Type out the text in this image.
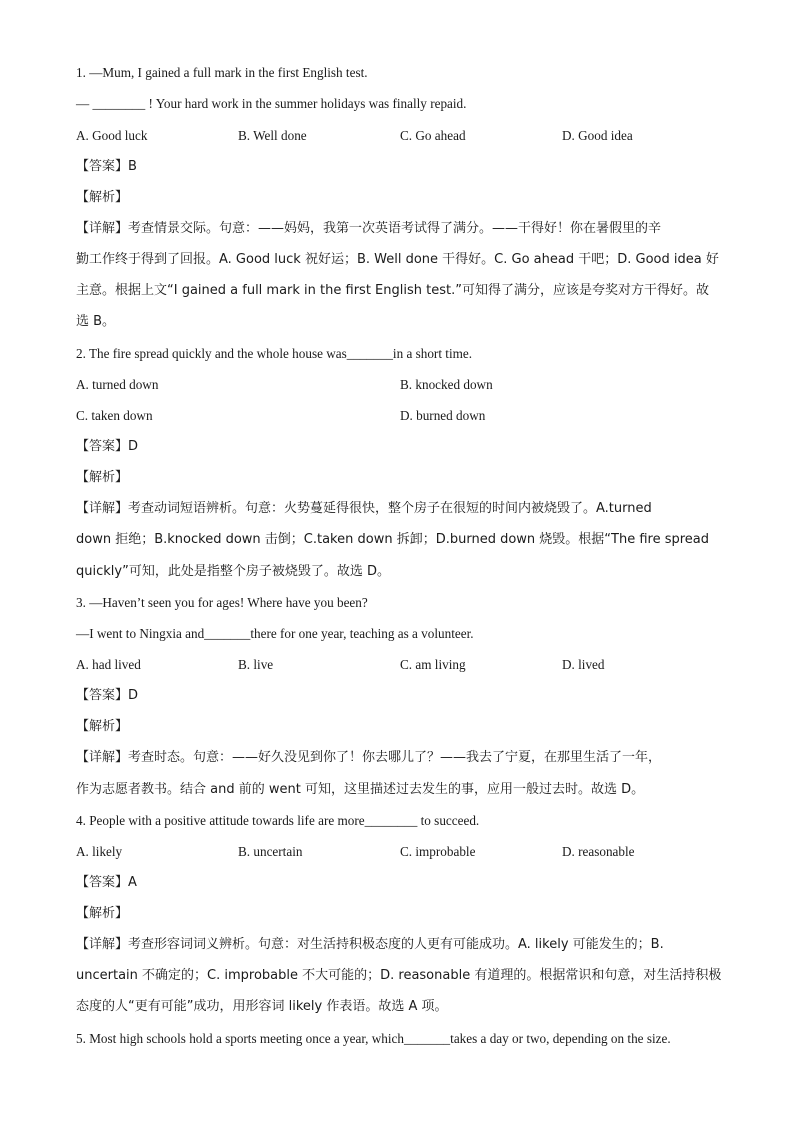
1. —Mum, I gained a full mark in the first English test.
— ________ ! Your hard work in the summer holidays was finally repaid.
A. Good luck	B. Well done	C. Go ahead	D. Good idea
【答案】B
【解析】
【详解】考查情景交际。句意：——妈妈，我第一次英语考试得了满分。——干得好！你在暑假里的辛
勤工作终于得到了回报。A. Good luck 祝好运；B. Well done 干得好。C. Go ahead 干吧；D. Good idea 好
主意。根据上文“I gained a full mark in the first English test.”可知得了满分，应该是夸奖对方干得好。故
选 B。
2. The fire spread quickly and the whole house was_______in a short time.
A. turned down	B. knocked down
C. taken down	D. burned down
【答案】D
【解析】
【详解】考查动词短语辨析。句意：火势蔓延得很快，整个房子在很短的时间内被烧毁了。A.turned
down 拒绝；B.knocked down 击倒；C.taken down 拆卸；D.burned down 烧毁。根据“The fire spread
quickly”可知，此处是指整个房子被烧毁了。故选 D。
3. —Haven’t seen you for ages! Where have you been?
—I went to Ningxia and_______there for one year, teaching as a volunteer.
A. had lived	B. live	C. am living	D. lived
【答案】D
【解析】
【详解】考查时态。句意：——好久没见到你了！你去哪儿了？——我去了宁夏，在那里生活了一年，
作为志愿者教书。结合 and 前的 went 可知，这里描述过去发生的事，应用一般过去时。故选 D。
4. People with a positive attitude towards life are more________ to succeed.
A. likely	B. uncertain	C. improbable	D. reasonable
【答案】A
【解析】
【详解】考查形容词词义辨析。句意：对生活持积极态度的人更有可能成功。A. likely 可能发生的；B.
uncertain 不确定的；C. improbable 不大可能的；D. reasonable 有道理的。根据常识和句意，对生活持积极
态度的人“更有可能”成功，用形容词 likely 作表语。故选 A 项。
5. Most high schools hold a sports meeting once a year, which_______takes a day or two, depending on the size.
